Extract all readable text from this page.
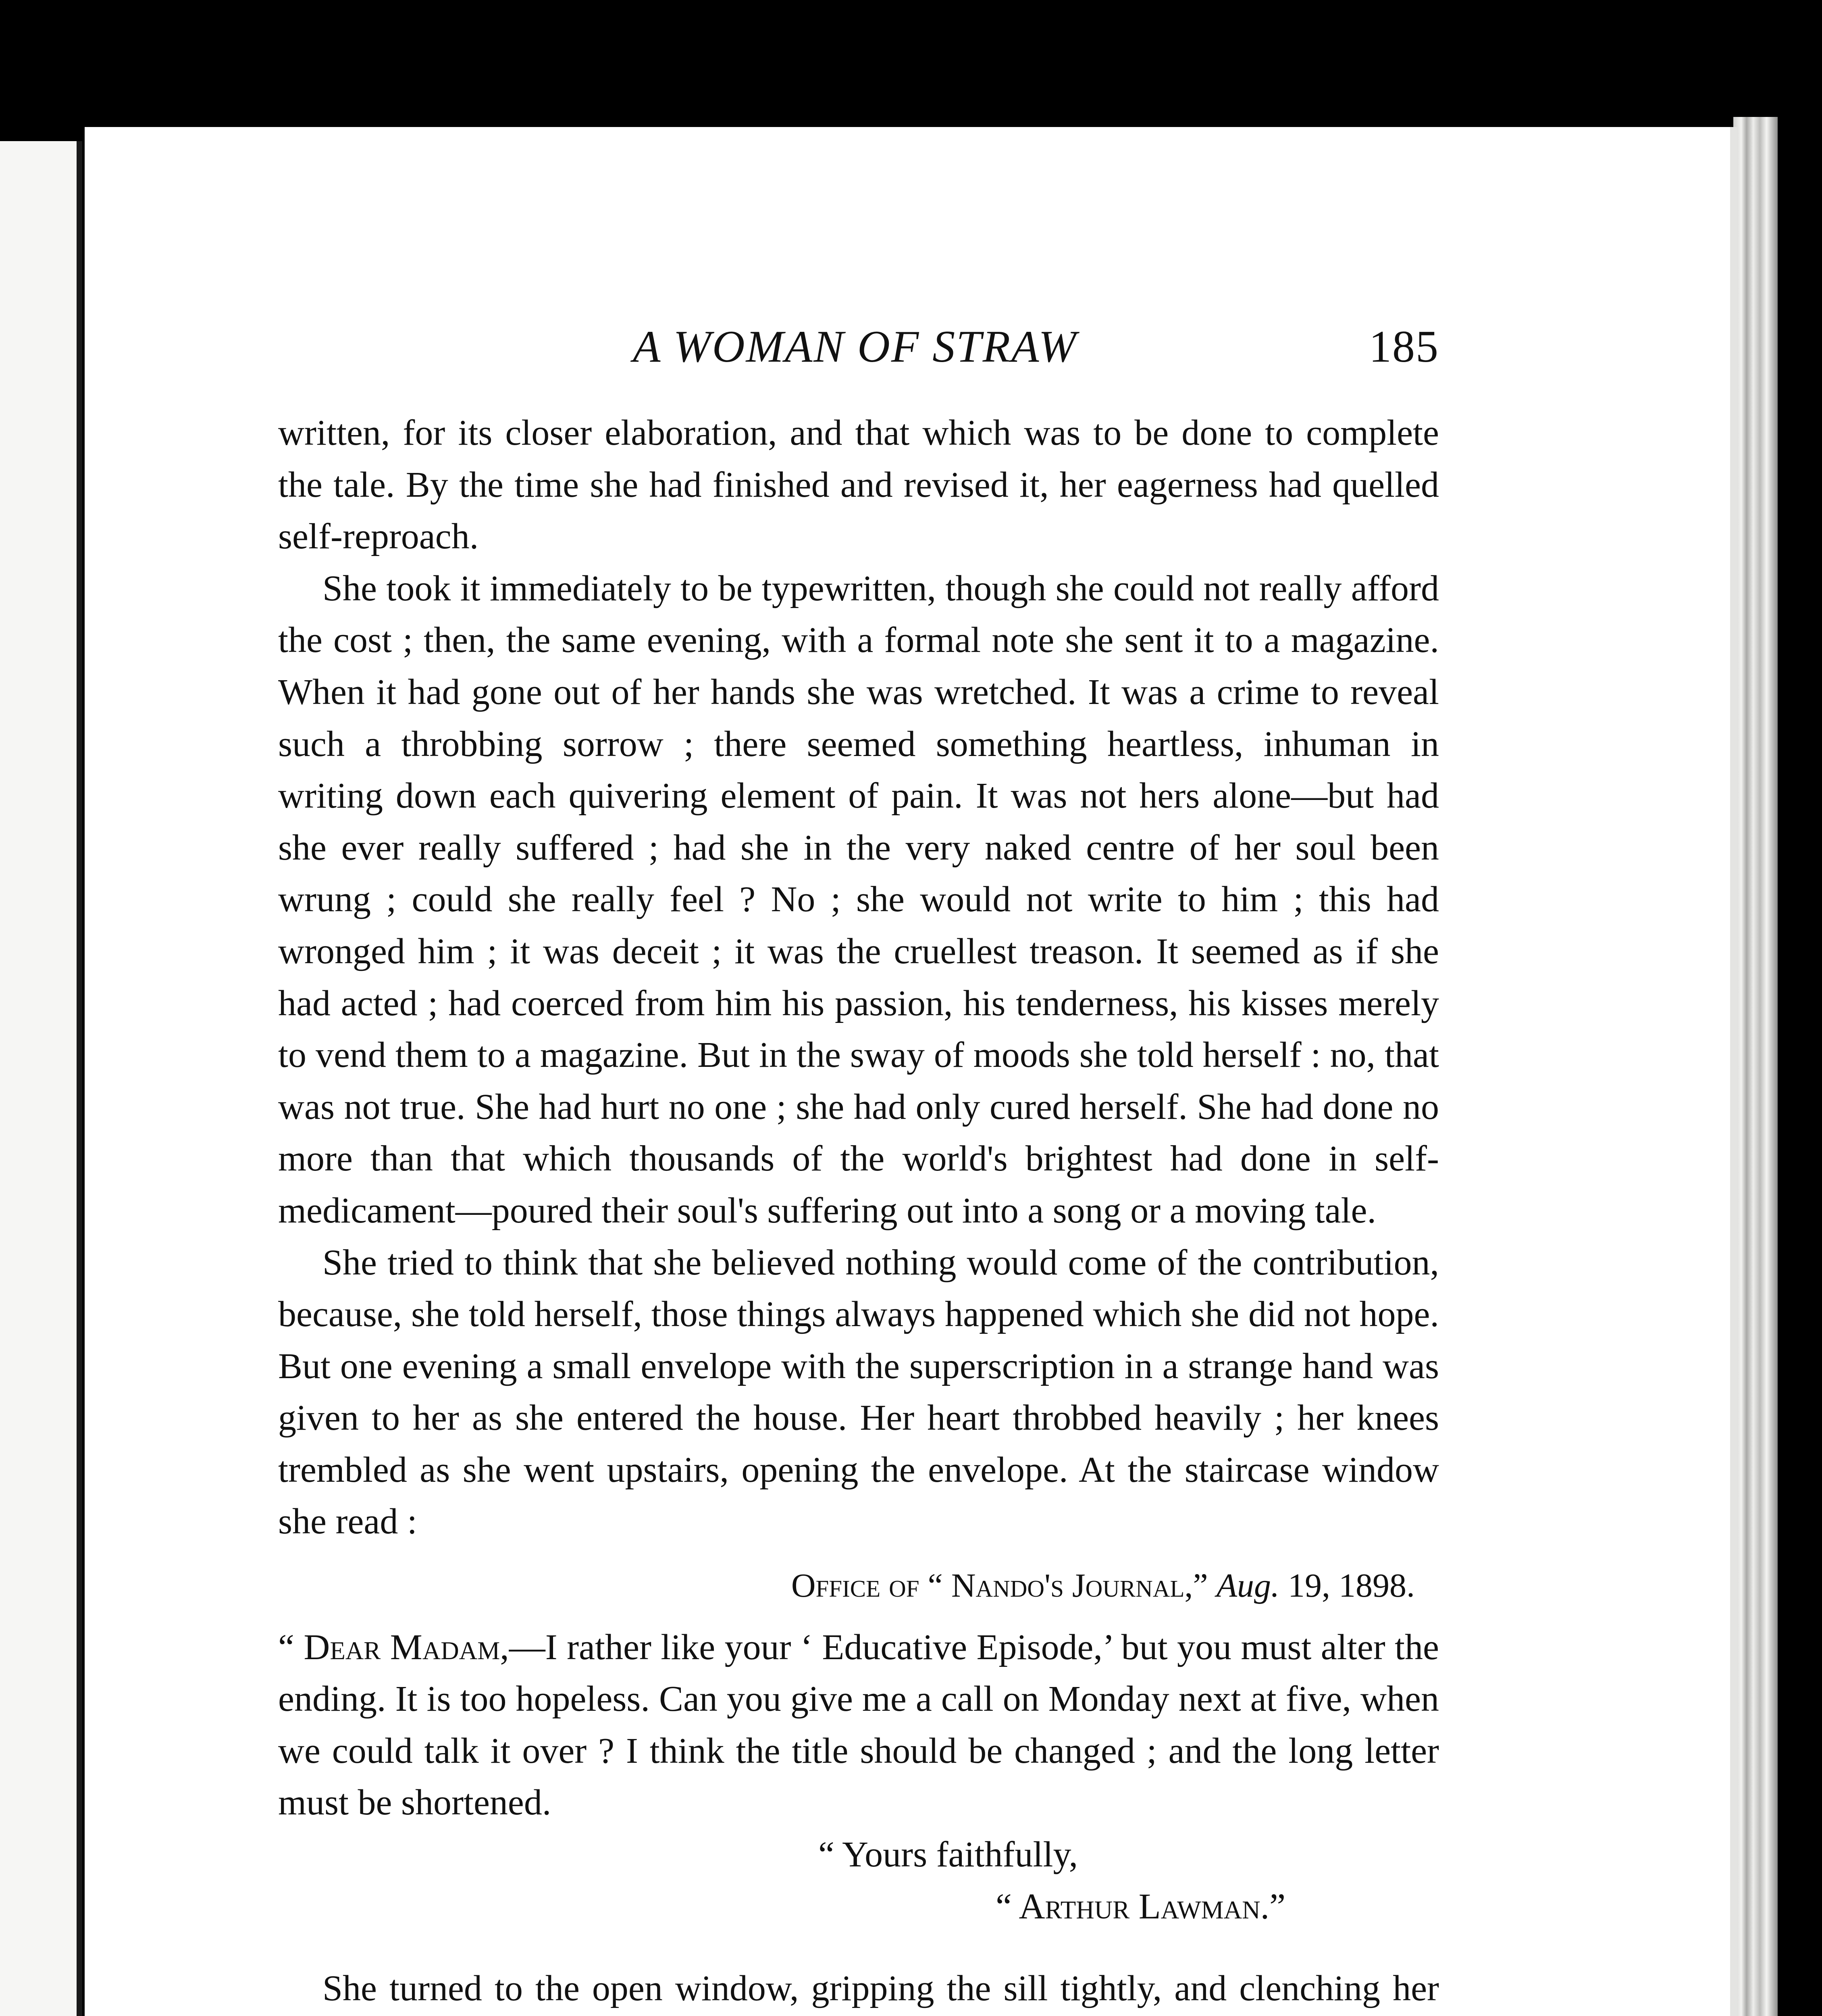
A WOMAN OF STRAW	185

written, for its closer elaboration, and that which was to be done to complete the tale. By the time she had finished and revised it, her eagerness had quelled self-reproach.

She took it immediately to be typewritten, though she could not really afford the cost ; then, the same evening, with a formal note she sent it to a magazine. When it had gone out of her hands she was wretched. It was a crime to reveal such a throbbing sorrow ; there seemed something heartless, inhuman in writing down each quivering element of pain. It was not hers alone—but had she ever really suffered ; had she in the very naked centre of her soul been wrung ; could she really feel ? No ; she would not write to him ; this had wronged him ; it was deceit ; it was the cruellest treason. It seemed as if she had acted ; had coerced from him his passion, his tenderness, his kisses merely to vend them to a magazine. But in the sway of moods she told herself : no, that was not true. She had hurt no one ; she had only cured herself. She had done no more than that which thousands of the world's brightest had done in self-medicament—poured their soul's suffering out into a song or a moving tale.

She tried to think that she believed nothing would come of the contribution, because, she told herself, those things always happened which she did not hope. But one evening a small envelope with the superscription in a strange hand was given to her as she entered the house. Her heart throbbed heavily ; her knees trembled as she went upstairs, opening the envelope. At the staircase window she read :

Office of “ Nando's Journal,” Aug. 19, 1898.

“ Dear Madam,—I rather like your ‘ Educative Episode,’ but you must alter the ending. It is too hopeless. Can you give me a call on Monday next at five, when we could talk it over ? I think the title should be changed ; and the long letter must be shortened.

“ Yours faithfully,

“ Arthur Lawman.”

She turned to the open window, gripping the sill tightly, and clenching her
